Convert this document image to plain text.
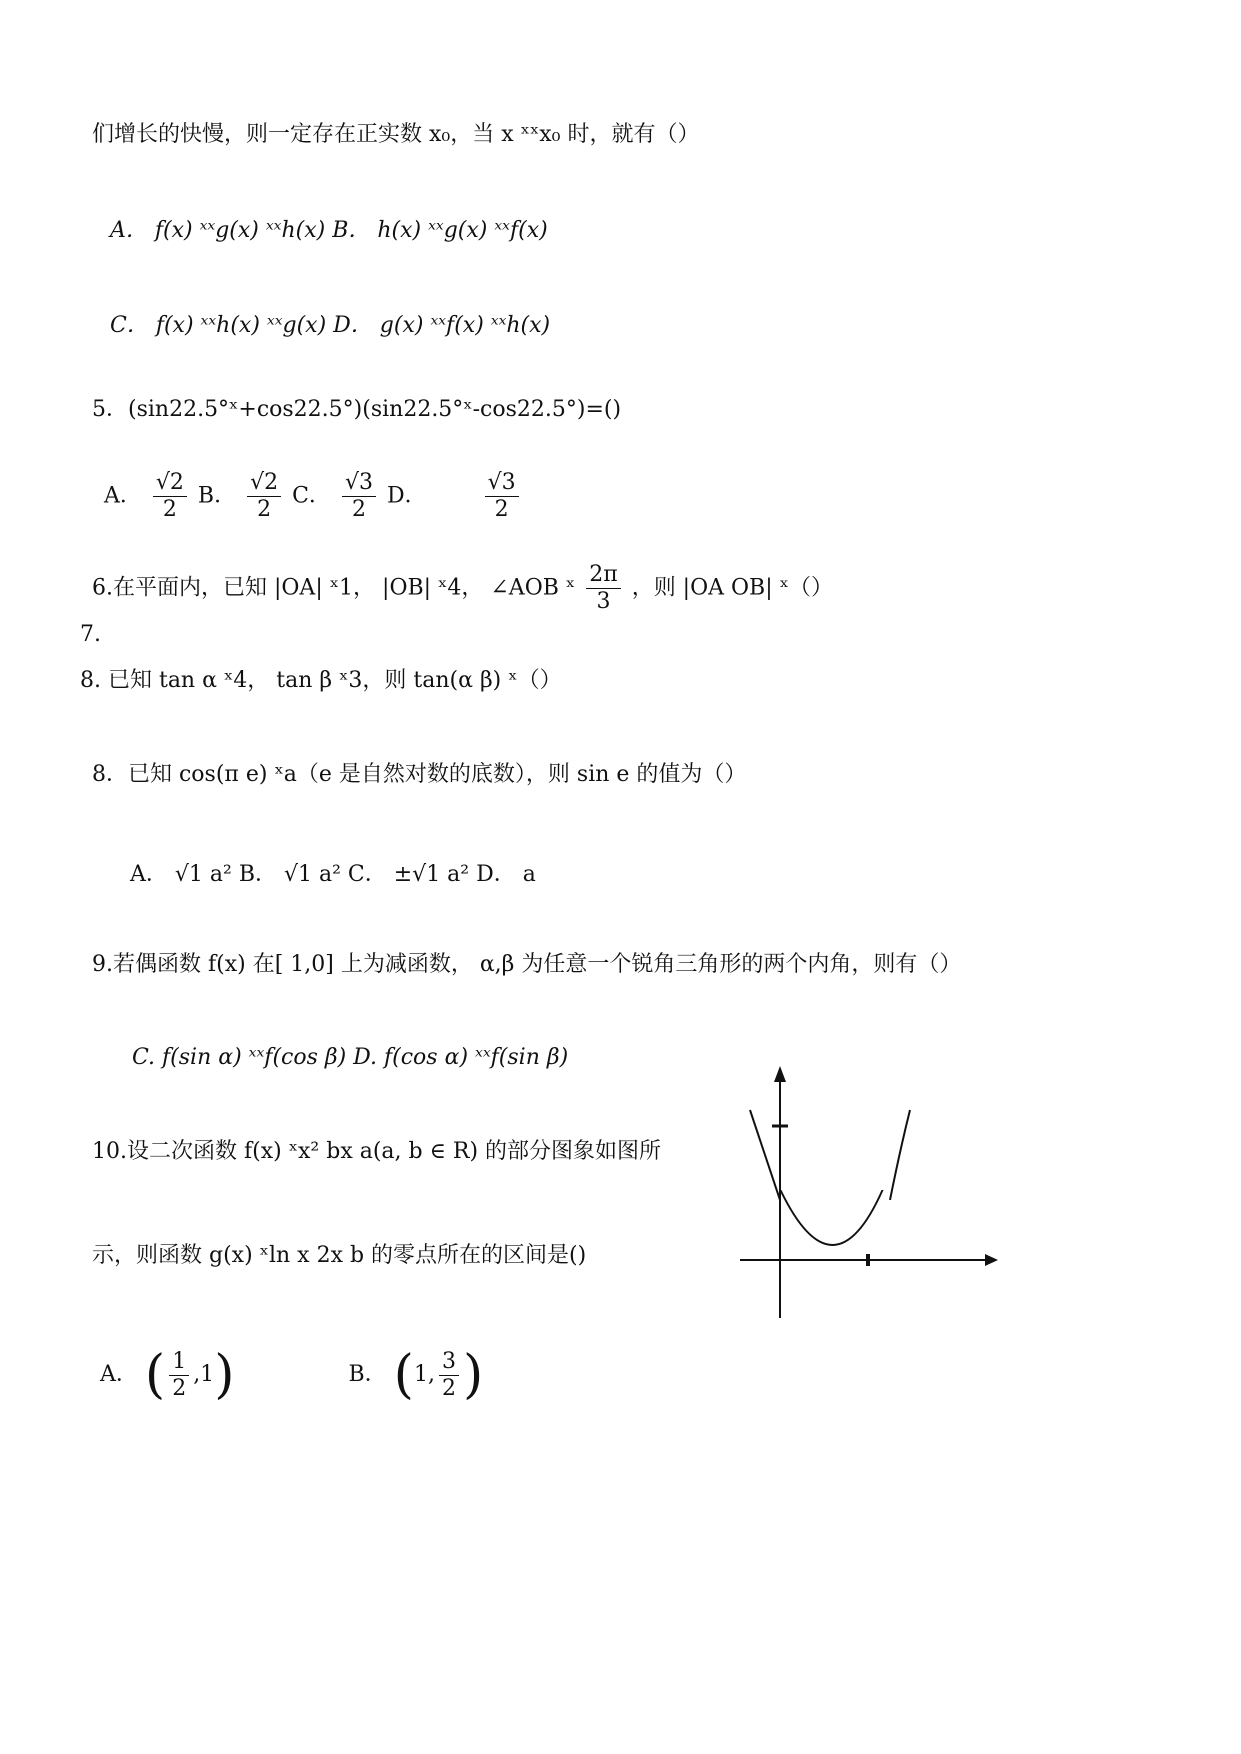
们增长的快慢，则一定存在正实数 x₀，当 x ˣˣx₀ 时，就有（）
A． f(x) ˣˣg(x) ˣˣh(x) B． h(x) ˣˣg(x) ˣˣf(x)
C． f(x) ˣˣh(x) ˣˣg(x) D． g(x) ˣˣf(x) ˣˣh(x)
5．(sin22.5°ˣ+cos22.5°)(sin22.5°ˣ-cos22.5°)=()
A． $\frac{√2}{2}$ B． $\frac{√2}{2}$ C． $\frac{√3}{2}$ D．	$\frac{√3}{2}$
6.在平面内，已知 |OA| ˣ1， |OB| ˣ4， ∠AOB ˣ $\frac{2\pi}{3}$ ，则 |OA OB| ˣ（）
7.
8. 已知 tan α ˣ4， tan β ˣ3，则 tan(α β) ˣ（）
8．已知 cos(π e) ˣa（e 是自然对数的底数），则 sin e 的值为（）
A． √1 a² B． √1 a² C． ±√1 a² D． a
9.若偶函数 f(x) 在[ 1,0] 上为减函数， α,β 为任意一个锐角三角形的两个内角，则有（）
C. f(sin α) ˣˣf(cos β) D. f(cos α) ˣˣf(sin β)
10.设二次函数 f(x) ˣx² bx a(a, b ∈ R) 的部分图象如图所
示，则函数 g(x) ˣln x 2x b 的零点所在的区间是()
A． ( $\frac{1}{2} ,1$)	B． (1, $\frac{3}{2}$ )
